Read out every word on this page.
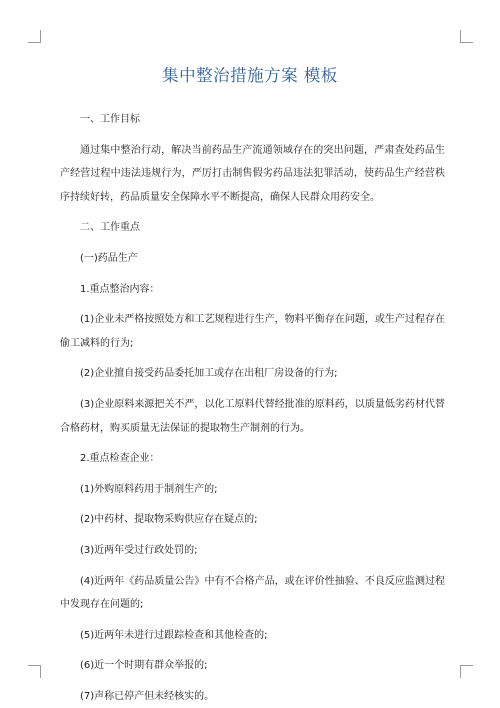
集中整治措施方案 模板

一、工作目标

通过集中整治行动，解决当前药品生产流通领域存在的突出问题，严肃查处药品生产经营过程中违法违规行为，严厉打击制售假劣药品违法犯罪活动，使药品生产经营秩序持续好转，药品质量安全保障水平不断提高，确保人民群众用药安全。

二、工作重点

(一)药品生产

1.重点整治内容：

(1)企业未严格按照处方和工艺规程进行生产，物料平衡存在问题，或生产过程存在偷工减料的行为;

(2)企业擅自接受药品委托加工或存在出租厂房设备的行为;

(3)企业原料来源把关不严，以化工原料代替经批准的原料药，以质量低劣药材代替合格药材，购买质量无法保证的提取物生产制剂的行为。

2.重点检查企业：

(1)外购原料药用于制剂生产的;

(2)中药材、提取物采购供应存在疑点的;

(3)近两年受过行政处罚的;

(4)近两年《药品质量公告》中有不合格产品，或在评价性抽验、不良反应监测过程中发现存在问题的;

(5)近两年未进行过跟踪检查和其他检查的;

(6)近一个时期有群众举报的;

(7)声称已停产但未经核实的。
